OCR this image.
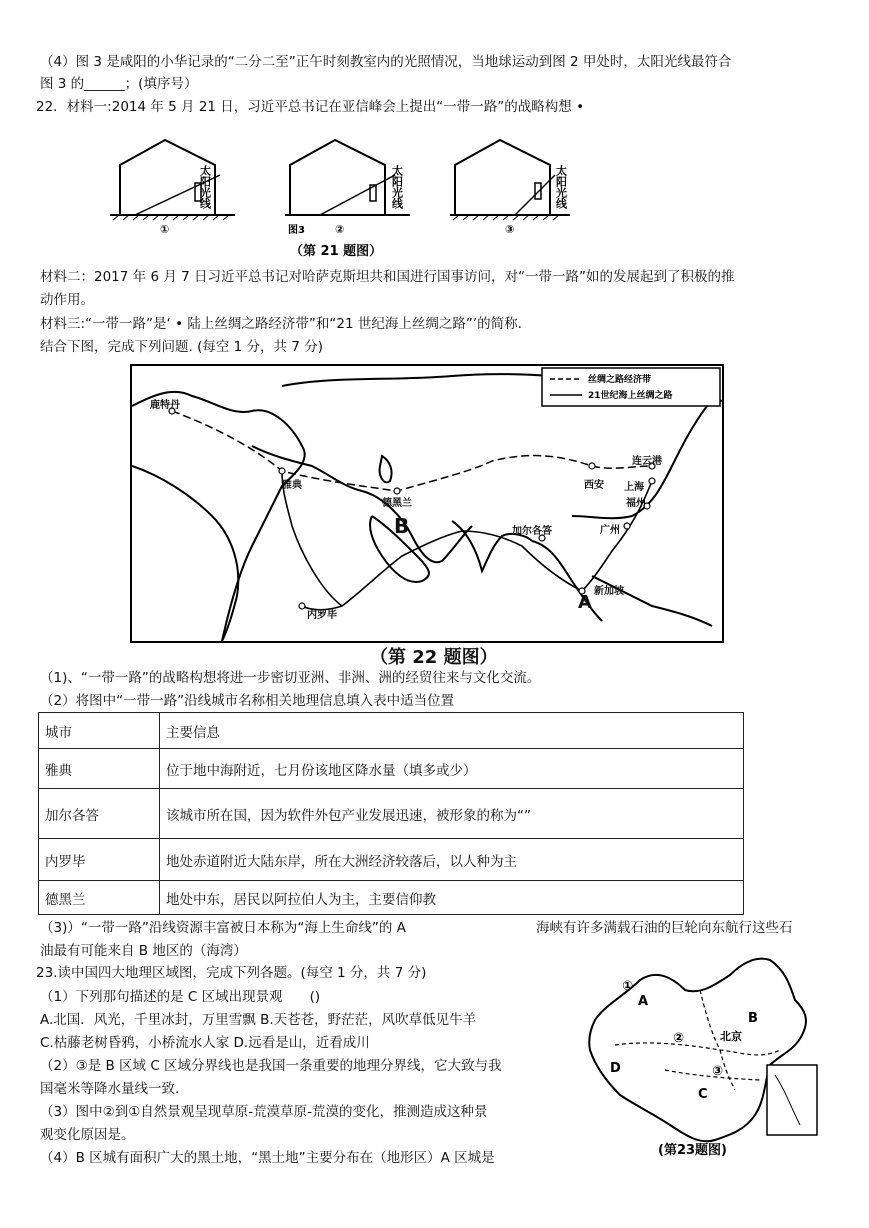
（4）图 3 是咸阳的小华记录的“二分二至”正午时刻教室内的光照情况，当地球运动到图 2 甲处时，太阳光线最符合
图 3 的______；(填序号）
22．材料一:2014 年 5 月 21 日，习近平总书记在亚信峰会上提出“一带一路”的战略构想 •
太阳光线	太阳光线	太阳光线
①	②	③
图3
（第 21 题图）
材料二：2017 年 6 月 7 日习近平总书记对哈萨克斯坦共和国进行国事访问，对“一带一路”如的发展起到了积极的推
动作用。
材料三:“一带一路”是‘ • 陆上丝绸之路经济带”和“21 世纪海上丝绸之路”’的简称.
结合下图，完成下列问题. (每空 1 分，共 7 分)
丝绸之路经济带
21世纪海上丝绸之路
鹿特丹
雅典
德黑兰
西安
连云港
上海
福州
广州
加尔各答
新加坡
内罗毕
B
A
（第 22 题图）
（1)、“一带一路”的战略构想将进一步密切亚洲、非洲、洲的经贸往来与文化交流。
（2）将图中“一带一路”沿线城市名称相关地理信息填入表中适当位置
城市	主要信息
雅典	位于地中海附近，七月份该地区降水量（填多或少）
加尔各答	该城市所在国，因为软件外包产业发展迅速，被形象的称为“”
内罗毕	地处赤道附近大陆东岸，所在大洲经济较落后，以人种为主
德黑兰	地处中东，居民以阿拉伯人为主，主要信仰教
（3)）“一带一路”沿线资源丰富被日本称为“海上生命线”的 A	海峡有许多满载石油的巨轮向东航行这些石
油最有可能来自 B 地区的（海湾）
23.读中国四大地理区域图，完成下列各题。(每空 1 分，共 7 分)
（1）下列那句描述的是 C 区域出现景观　　()
A.北国．风光，千里冰封，万里雪飘 B.天苍苍，野茫茫，风吹草低见牛羊
C.枯藤老树昏鸦，小桥流水人家 D.远看是山，近看成川
（2）③是 B 区域 C 区域分界线也是我国一条重要的地理分界线，它大致与我
国毫米等降水量线一致.
（3）图中②到①自然景观呈现草原-荒漠草原-荒漠的变化，推测造成这种景
观变化原因是。
（4）B 区城有面积广大的黑土地，“黑土地”主要分布在（地形区）A 区城是
A
B
C
D
①
②
③
北京
(第23题图)
